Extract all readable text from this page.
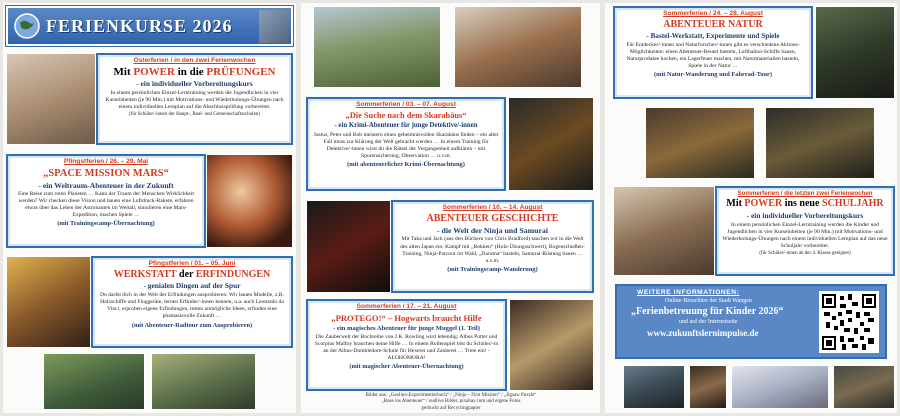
FERIENKURSE 2026
Osterferien / in den zwei Ferienwochen
Mit POWER in die PRÜFUNGEN
- ein individueller Vorbereitungskurs
In einem persönlichen Einzel-Lerntraining werden die Jugendlichen in vier Kurseinheiten (je 90 Min.) mit Motivations- und Wiederholungs-Übungen nach einem individuellen Lernplan auf die Abschlussprüfung vorbereitet.
(für Schüler/-innen der Haupt-, Real- und Gemeinschaftsschulen)
Pfingstferien / 26. – 29. Mai
„SPACE MISSION MARS“
- ein Weltraum-Abenteuer in der Zukunft
Eine Reise zum roten Planeten … Kann der Traum der Menschen Wirklichkeit werden? Wir checken diese Vision und bauen eine Luftdruck-Rakete, erfahren etwas über das Leben der Astronauten im Weltall, simulieren eine Mars-Expedition, machen Spiele …
(mit Trainingscamp-Übernachtung)
Pfingstferien / 01. – 05. Juni
WERKSTATT der ERFINDUNGEN
- genialen Dingen auf der Spur
Du darfst dich in der Welt der Erfindungen ausprobieren: Wir bauen Modelle, z.B. Holzschiffe und Fluggeräte, lernen Erfinder/-innen kennen, u.a. auch Leonardo da Vinci, erproben eigene Erfindungen, testen unmögliche Ideen, erfinden eine phantasievolle Zukunft …
(mit Abenteuer-Radtour zum Ausprobieren)
Sommerferien / 03. – 07. August
„Die Suche nach dem Skarabäus“
- ein Krimi-Abenteuer für junge Detektive/-innen
Justus, Peter und Bob meistern einen geheimnisvollen Skarabäus finden – ein alter Fall muss zur Klärung der Welt gebracht werden … In einem Training für Detektive/-innen wirst du die Rätsel der Vergangenheit aufklären – mit Spurensicherung, Observation … u.v.m.
(mit abenteuerlicher Krimi-Übernachtung)
Sommerferien / 10. – 14. August
ABENTEUER GESCHICHTE
- die Welt der Ninja und Samurai
Mit Taka und Jack (aus den Büchern von Chris Bradford) tauchen wir in die Welt des alten Japan ein: Kampf mit „Bokken“ (Holz-Übungsschwert), Bogenschießen-Training, Ninja-Parcour im Wald, „Daruma“ basteln, Samurai-Rüstung bauen … u.v.m.
(mit Trainingscamp-Wanderung)
Sommerferien / 17. – 21. August
„PROTEGO!“ – Hogwarts braucht Hilfe
- ein magisches Abenteuer für junge Muggel (1. Teil)
Die Zauberwelt der Buchreihe von J.K. Rowling wird lebendig: Albus Potter und Scorpius Malfoy brauchen deine Hilfe … In einem Rollenspiel bist du Schüler/-in an der Albus-Dumbledore-Schule für Hexerei und Zauberei … Trete ein! - ALOHOMORA!
(mit magischer Abenteuer-Übernachtung)
Bilder aus: „Geolino-Experimentierbuch“ / „Ninja – First Mission“ / „Jigsaw Puzzle“
„Rose ins Abenteuer“ / reallive Bilder, pixabay.com und eigene Fotos
gedruckt auf Recyclingpapier
Sommerferien / 24. – 28. August
ABENTEUER NATUR
- Bastel-Werkstatt, Experimente und Spiele
Für Entdecker/-innen und Naturforscher/-innen gibt es verschiedene Aktions-Möglichkeiten: einen Abenteuer-Beutel basteln, Luftballon-Schiffe bauen, Naturprodukte kochen, ein Lagerfeuer machen, mit Naturmaterialien basteln, Spiele in der Natur …
(mit Natur-Wanderung und Fahrrad-Tour)
Sommerferien / die letzten zwei Ferienwochen
Mit POWER ins neue SCHULJAHR
- ein individueller Vorbereitungskurs
In einem persönlichen Einzel-Lerntraining werden die Kinder und Jugendlichen in vier Kurseinheiten (je 90 Min.) mit Motivations- und Wiederholungs-Übungen nach einem individuellen Lernplan auf das neue Schuljahr vorbereitet.
(für Schüler/-innen ab der 4. Klasse geeignet)
WEITERE INFORMATIONEN:
Online-Broschüre der Stadt Wangen
„Ferienbetreuung für Kinder 2026“
und auf der Internetseite
www.zukunftslernimpulse.de
